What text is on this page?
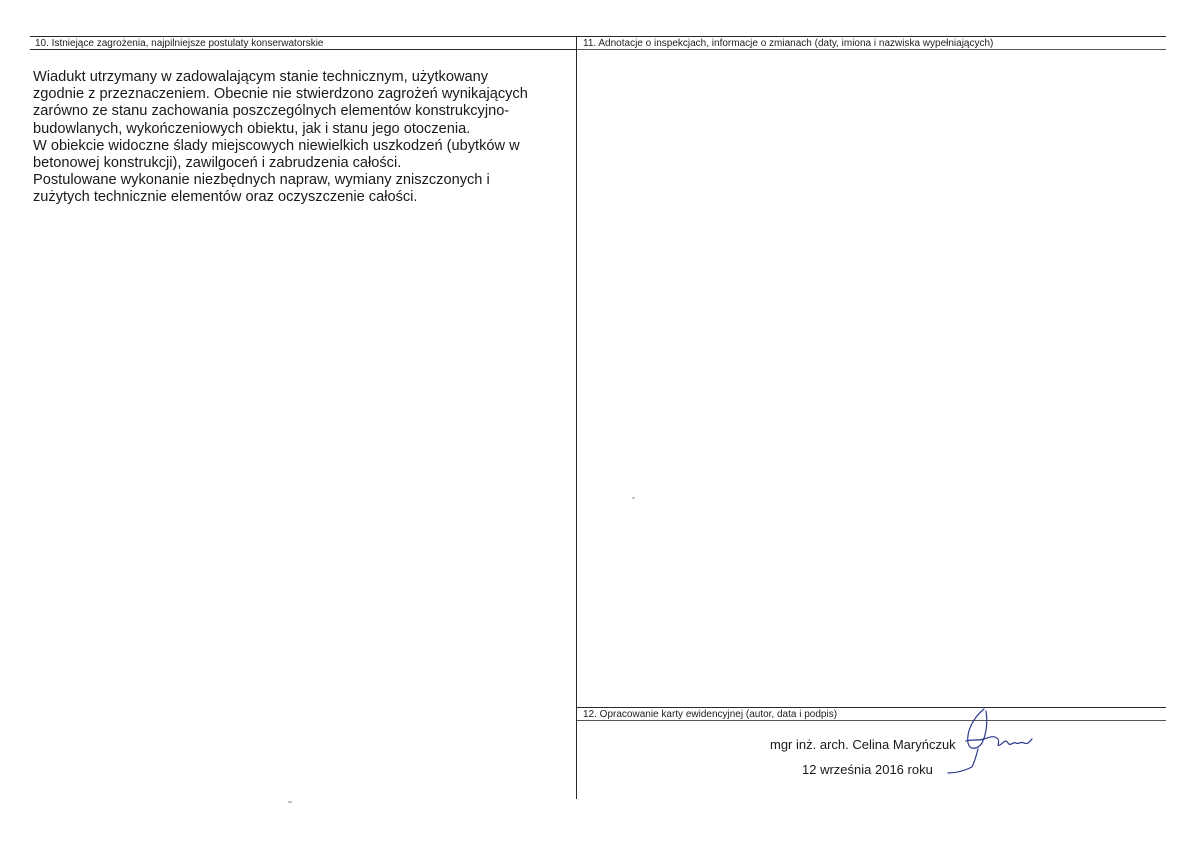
10. Istniejące zagrożenia, najpilniejsze postulaty konserwatorskie	11. Adnotacje o inspekcjach, informacje o zmianach (daty, imiona i nazwiska wypełniających)
12. Opracowanie karty ewidencyjnej (autor, data i podpis)
Wiadukt utrzymany w zadowalającym stanie technicznym, użytkowany
zgodnie z przeznaczeniem. Obecnie nie stwierdzono zagrożeń wynikających
zarówno ze stanu zachowania poszczególnych elementów konstrukcyjno-
budowlanych, wykończeniowych obiektu, jak i stanu jego otoczenia.
W obiekcie widoczne ślady miejscowych niewielkich uszkodzeń (ubytków w
betonowej konstrukcji), zawilgoceń i zabrudzenia całości.
Postulowane wykonanie niezbędnych napraw, wymiany zniszczonych i
zużytych technicznie elementów oraz oczyszczenie całości.
mgr inż. arch. Celina Maryńczuk
12 września 2016 roku
